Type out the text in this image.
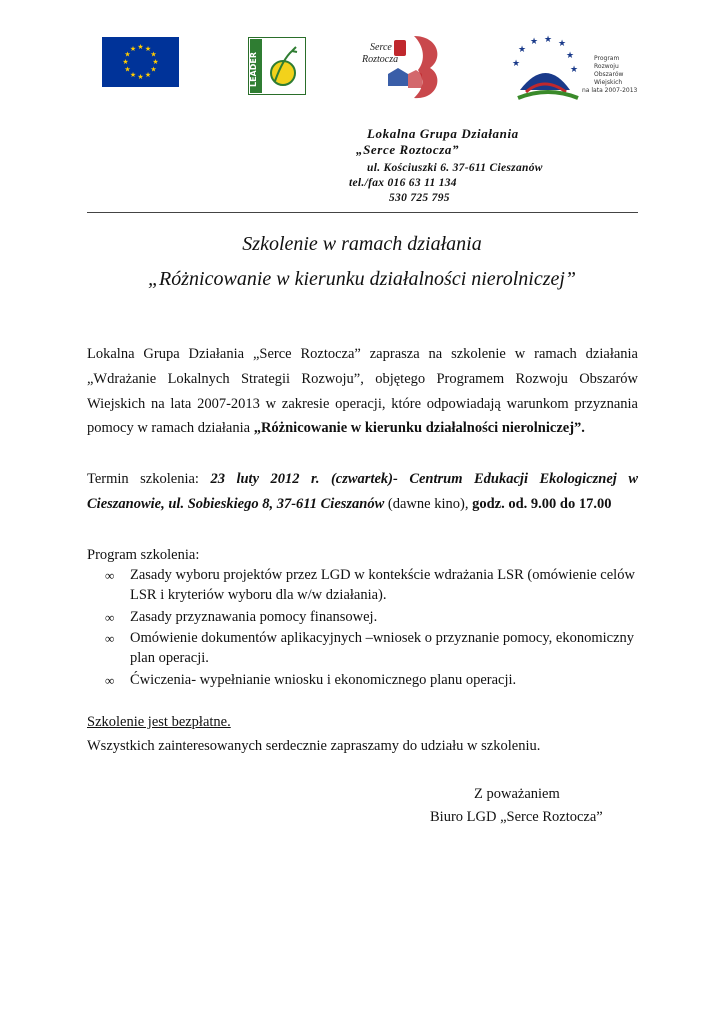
★ ★
★
★
★
★
★
★
★
★
★
★
LEADER
Serce
Roztocza	★
★
★ ★ ★
★
★
Program
Rozwoju
Obszarów
Wiejskich
na lata 2007-2013
Lokalna Grupa Działania
„Serce Roztocza”
ul. Kościuszki 6. 37-611 Cieszanów
tel./fax 016 63 11 134
530 725 795
Szkolenie w ramach działania
„Różnicowanie w kierunku działalności nierolniczej”
Lokalna Grupa Działania „Serce Roztocza” zaprasza na szkolenie w ramach działania „Wdrażanie Lokalnych Strategii Rozwoju”, objętego Programem Rozwoju Obszarów Wiejskich na lata 2007-2013 w zakresie operacji, które odpowiadają warunkom przyznania pomocy w ramach działania „Różnicowanie w kierunku działalności nierolniczej”.
Termin szkolenia: 23 luty 2012 r. (czwartek)- Centrum Edukacji Ekologicznej w Cieszanowie, ul. Sobieskiego 8, 37-611 Cieszanów (dawne kino), godz. od. 9.00 do 17.00
Program szkolenia:
∞ Zasady wyboru projektów przez LGD w kontekście wdrażania LSR (omówienie celów LSR i kryteriów wyboru dla w/w działania).
∞ Zasady przyznawania pomocy finansowej.
∞ Omówienie dokumentów aplikacyjnych –wniosek o przyznanie pomocy, ekonomiczny plan operacji.
∞ Ćwiczenia- wypełnianie wniosku i ekonomicznego planu operacji.
Szkolenie jest bezpłatne.
Wszystkich zainteresowanych serdecznie zapraszamy do udziału w szkoleniu.
Z poważaniem
Biuro LGD „Serce Roztocza”
